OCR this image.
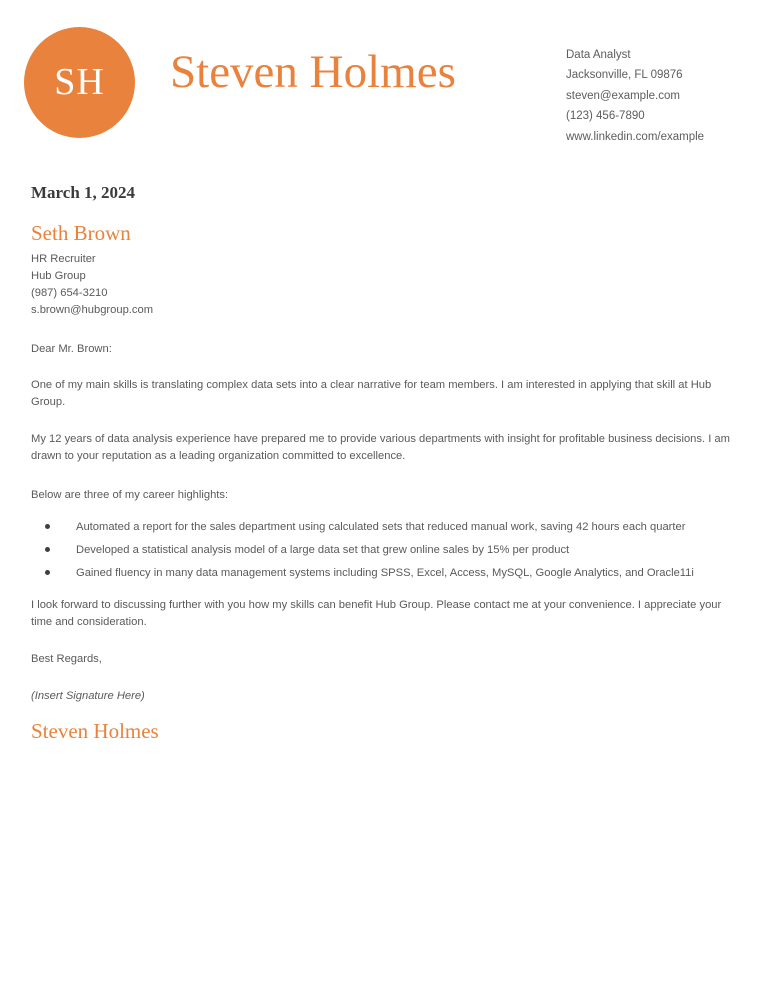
SH Steven Holmes	Data Analyst
Jacksonville, FL 09876
steven@example.com
(123) 456-7890
www.linkedin.com/example
March 1, 2024
Seth Brown
HR Recruiter
Hub Group
(987) 654-3210
s.brown@hubgroup.com
Dear Mr. Brown:
One of my main skills is translating complex data sets into a clear narrative for team members. I am interested in applying that skill at Hub Group.
My 12 years of data analysis experience have prepared me to provide various departments with insight for profitable business decisions. I am drawn to your reputation as a leading organization committed to excellence.
Below are three of my career highlights:
Automated a report for the sales department using calculated sets that reduced manual work, saving 42 hours each quarter
Developed a statistical analysis model of a large data set that grew online sales by 15% per product
Gained fluency in many data management systems including SPSS, Excel, Access, MySQL, Google Analytics, and Oracle11i
I look forward to discussing further with you how my skills can benefit Hub Group. Please contact me at your convenience. I appreciate your time and consideration.
Best Regards,
(Insert Signature Here)
Steven Holmes
